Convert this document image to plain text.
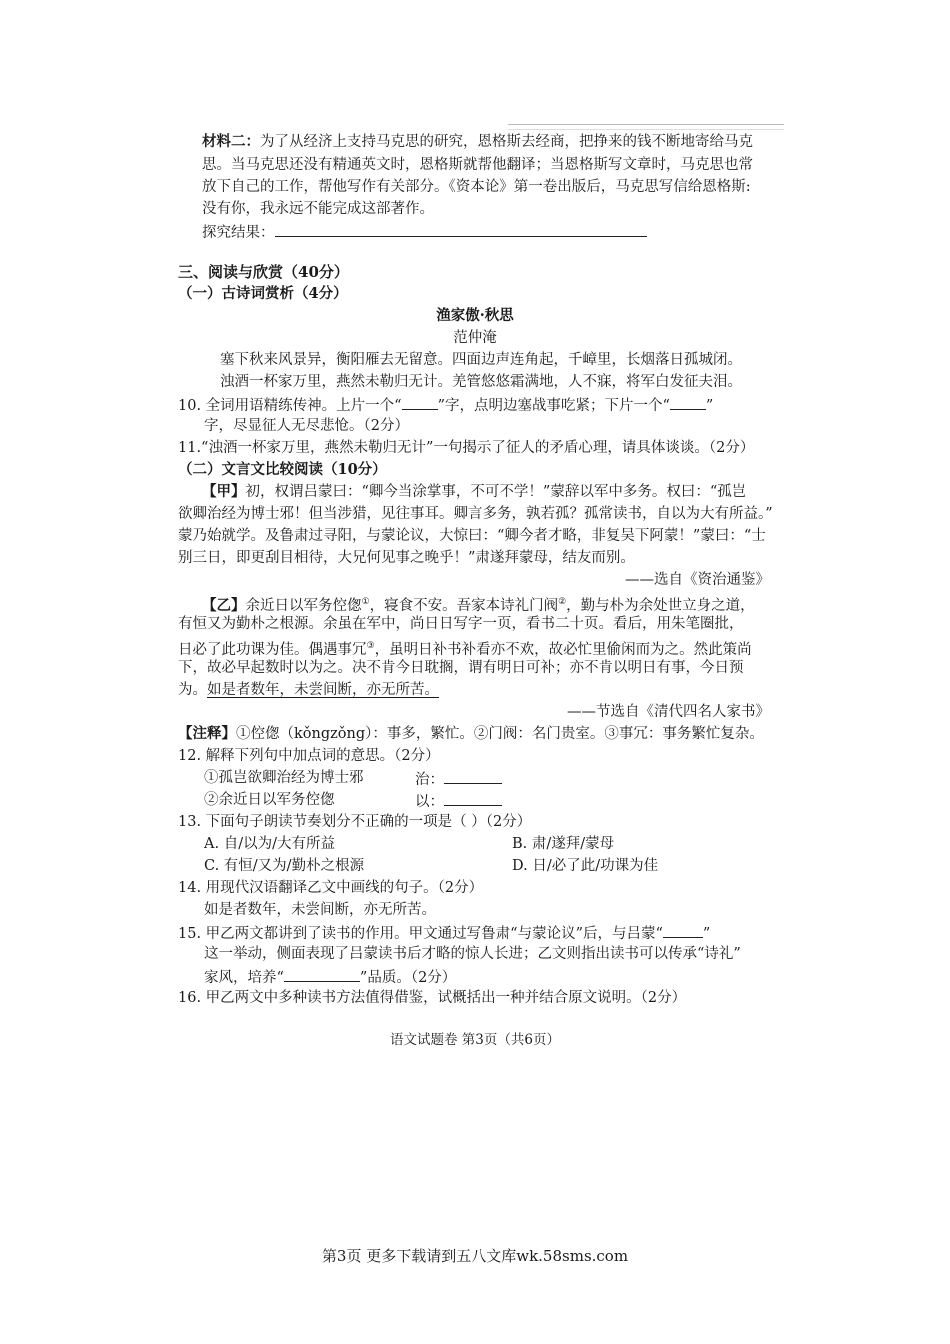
材料二：为了从经济上支持马克思的研究，恩格斯去经商，把挣来的钱不断地寄给马克
思。当马克思还没有精通英文时，恩格斯就帮他翻译；当恩格斯写文章时，马克思也常
放下自己的工作，帮他写作有关部分。《资本论》第一卷出版后，马克思写信给恩格斯:
没有你，我永远不能完成这部著作。
探究结果：
三、阅读与欣赏（40分）
（一）古诗词赏析（4分）
渔家傲·秋思
范仲淹
塞下秋来风景异，衡阳雁去无留意。四面边声连角起，千嶂里，长烟落日孤城闭。
浊酒一杯家万里，燕然未勒归无计。羌管悠悠霜满地，人不寐，将军白发征夫泪。
10. 全词用语精练传神。上片一个“ ”字，点明边塞战事吃紧；下片一个“ ”
字，尽显征人无尽悲怆。（2分）
11.“浊酒一杯家万里，燕然未勒归无计”一句揭示了征人的矛盾心理，请具体谈谈。（2分）
（二）文言文比较阅读（10分）
【甲】初，权谓吕蒙曰：“卿今当涂掌事，不可不学！”蒙辞以军中多务。权曰：“孤岂
欲卿治经为博士邪！但当涉猎，见往事耳。卿言多务，孰若孤？孤常读书，自以为大有所益。”
蒙乃始就学。及鲁肃过寻阳，与蒙论议，大惊曰：“卿今者才略，非复吴下阿蒙！”蒙曰：“士
别三日，即更刮目相待，大兄何见事之晚乎！”肃遂拜蒙母，结友而别。
——选自《资治通鉴》
【乙】余近日以军务倥偬①，寝食不安。吾家本诗礼门阀②，勤与朴为余处世立身之道，
有恒又为勤朴之根源。余虽在军中，尚日日写字一页，看书二十页。看后，用朱笔圈批，
日必了此功课为佳。偶遇事冗③，虽明日补书补看亦不欢，故必忙里偷闲而为之。然此策尚
下，故必早起数时以为之。决不肯今日耽搁，谓有明日可补；亦不肯以明日有事，今日预
为。如是者数年，未尝间断，亦无所苦。
——节选自《清代四名人家书》
【注释】①倥偬（kǒngzǒng）：事多，繁忙。②门阀：名门贵室。③事冗：事务繁忙复杂。
12. 解释下列句中加点词的意思。（2分）
①孤岂欲卿治经为博士邪	治：
②余近日以军务倥偬	以：
13. 下面句子朗读节奏划分不正确的一项是（ ）（2分）
A. 自/以为/大有所益	B. 肃/遂拜/蒙母
C. 有恒/又为/勤朴之根源	D. 日/必了此/功课为佳
14. 用现代汉语翻译乙文中画线的句子。（2分）
如是者数年，未尝间断，亦无所苦。
15. 甲乙两文都讲到了读书的作用。甲文通过写鲁肃“与蒙论议”后，与吕蒙“	”
这一举动，侧面表现了吕蒙读书后才略的惊人长进；乙文则指出读书可以传承“诗礼”
家风，培养“	”品质。（2分）
16. 甲乙两文中多种读书方法值得借鉴，试概括出一种并结合原文说明。（2分）
语文试题卷 第3页（共6页）
第3页 更多下载请到五八文库wk.58sms.com
